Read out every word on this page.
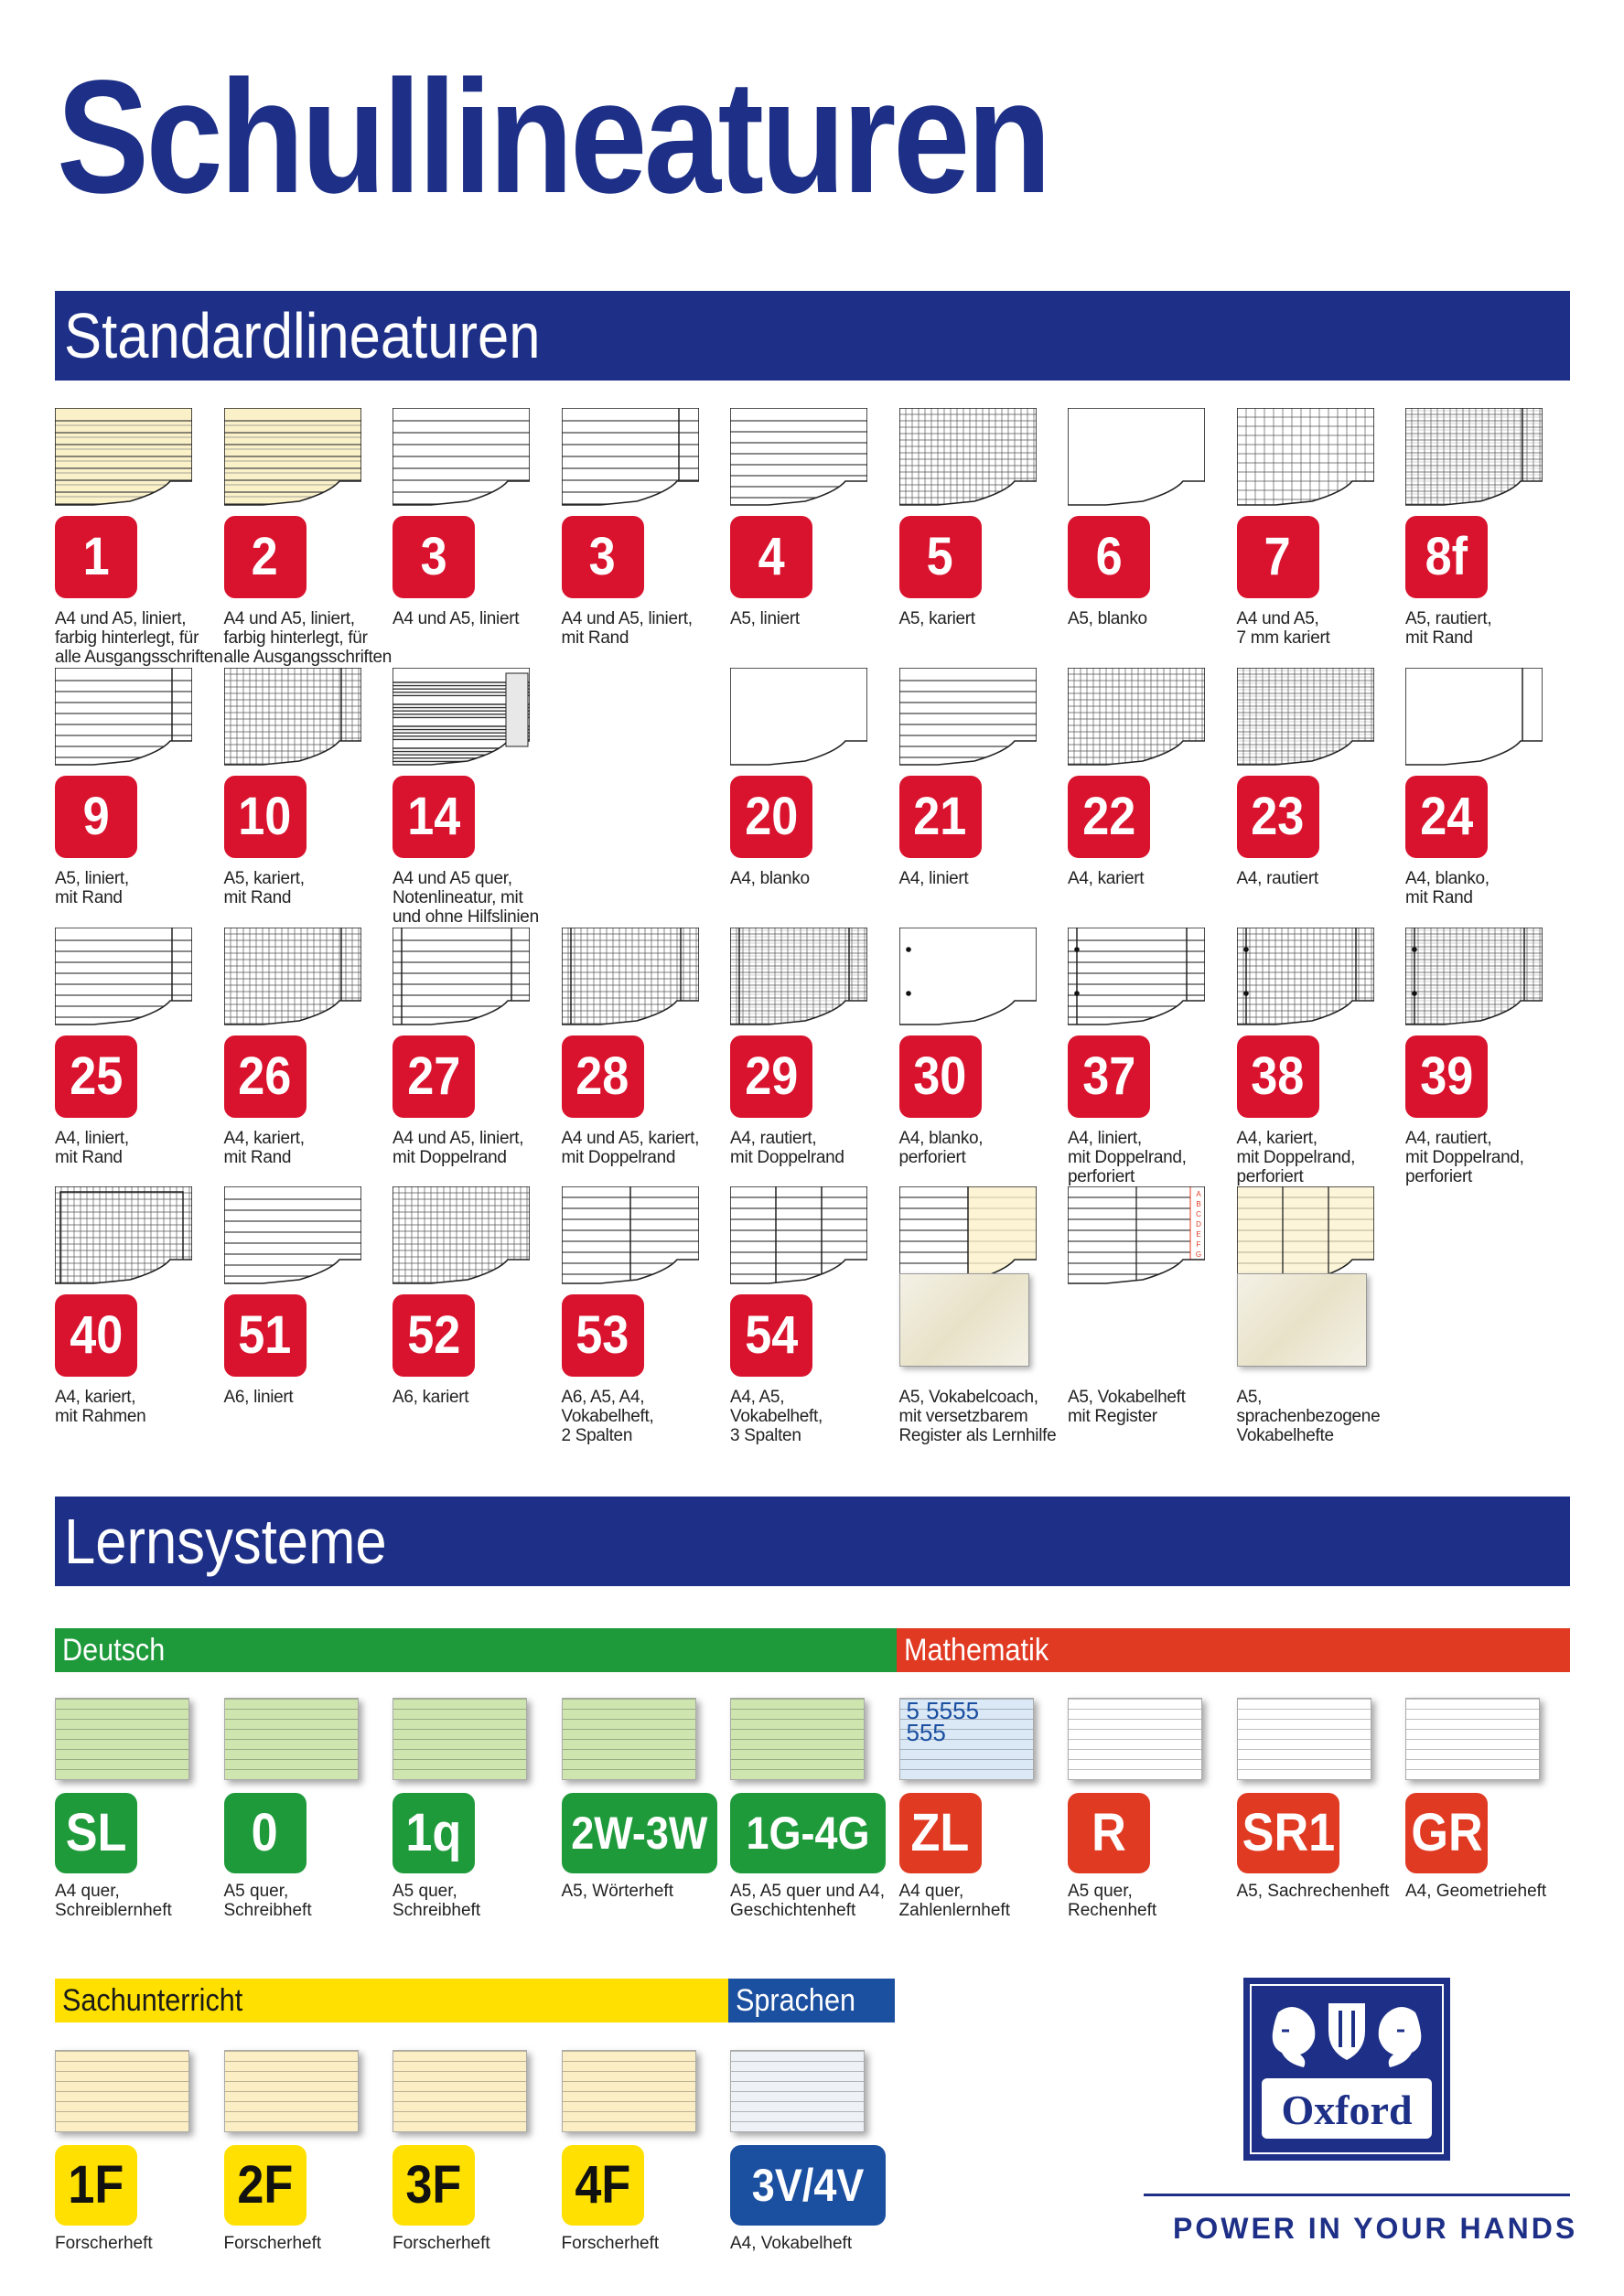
Schullineaturen
Standardlineaturen
1
A4 und A5, liniert,
farbig hinterlegt, für
alle Ausgangsschriften
2
A4 und A5, liniert,
farbig hinterlegt, für
alle Ausgangsschriften
3
A4 und A5, liniert
3
A4 und A5, liniert,
mit Rand
4
A5, liniert
5
A5, kariert
6
A5, blanko
7
A4 und A5,
7 mm kariert
8f
A5, rautiert,
mit Rand
9
A5, liniert,
mit Rand
10
A5, kariert,
mit Rand
14
A4 und A5 quer,
Notenlineatur, mit
und ohne Hilfslinien
20
A4, blanko
21
A4, liniert
22
A4, kariert
23
A4, rautiert
24
A4, blanko,
mit Rand
25
A4, liniert,
mit Rand
26
A4, kariert,
mit Rand
27
A4 und A5, liniert,
mit Doppelrand
28
A4 und A5, kariert,
mit Doppelrand
29
A4, rautiert,
mit Doppelrand
30
A4, blanko,
perforiert
37
A4, liniert,
mit Doppelrand,
perforiert
38
A4, kariert,
mit Doppelrand,
perforiert
39
A4, rautiert,
mit Doppelrand,
perforiert
40
A4, kariert,
mit Rahmen
51
A6, liniert
52
A6, kariert
53
A6, A5, A4,
Vokabelheft,
2 Spalten
54
A4, A5,
Vokabelheft,
3 Spalten
A5, Vokabelcoach,
mit versetzbarem
Register als Lernhilfe
A
B
C
D
E
F
G
A5, Vokabelheft
mit Register
A5, sprachenbezogene
Vokabelhefte
Lernsysteme
Deutsch	Mathematik
Sachunterricht	Sprachen
SL
A4 quer,
Schreiblernheft
0
A5 quer,
Schreibheft
1q
A5 quer,
Schreibheft
2W-3W
A5, Wörterheft
1G-4G
A5, A5 quer und A4,
Geschichtenheft
5 5555
555
ZL
A4 quer,
Zahlenlernheft
R
A5 quer,
Rechenheft
SR1
A5, Sachrechenheft
GR
A4, Geometrieheft
1F
Forscherheft
2F
Forscherheft
3F
Forscherheft
4F
Forscherheft
3V/4V
A4, Vokabelheft
Oxford
POWER IN YOUR HANDS
